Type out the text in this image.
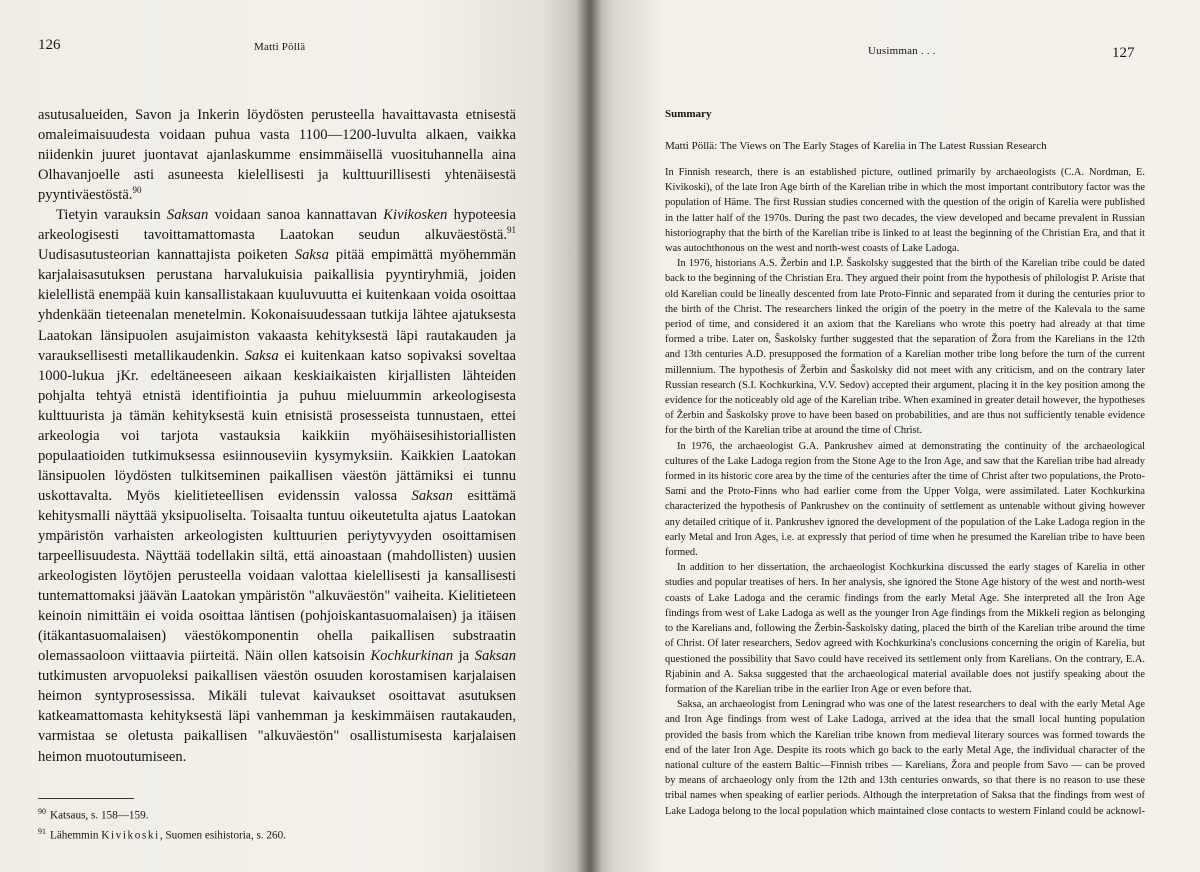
126	Matti Pöllä

asutusalueiden, Savon ja Inkerin löydösten perusteella havaittavasta etnisestä omaleimaisuudesta voidaan puhua vasta 1100—1200-luvulta alkaen, vaikka niidenkin juuret juontavat ajanlaskumme ensimmäisellä vuosituhannella aina Olhavanjoelle asti asuneesta kielellisesti ja kulttuurillisesti yhtenäisestä pyyntiväestöstä.$^{90}$

Tietyin varauksin Saksan voidaan sanoa kannattavan Kivikosken hypoteesia arkeologisesti tavoittamattomasta Laatokan seudun alkuväestöstä.$^{91}$ Uudisasutusteorian kannattajista poiketen Saksa pitää empimättä myöhemmän karjalaisasutuksen perustana harvalukuisia paikallisia pyyntiryhmiä, joiden kielellistä enempää kuin kansallistakaan kuuluvuutta ei kuitenkaan voida osoittaa yhdenkään tieteenalan menetelmin. Kokonaisuudessaan tutkija lähtee ajatuksesta Laatokan länsipuolen asujaimiston vakaasta kehityksestä läpi rautakauden ja varauksellisesti metallikaudenkin. Saksa ei kuitenkaan katso sopivaksi soveltaa 1000-lukua jKr. edeltäneeseen aikaan keskiaikaisten kirjallisten lähteiden pohjalta tehtyä etnistä identifiointia ja puhuu mieluummin arkeologisesta kulttuurista ja tämän kehityksestä kuin etnisistä prosesseista tunnustaen, ettei arkeologia voi tarjota vastauksia kaikkiin myöhäisesihistoriallisten populaatioiden tutkimuksessa esiinnouseviin kysymyksiin. Kaikkien Laatokan länsipuolen löydösten tulkitseminen paikallisen väestön jättämiksi ei tunnu uskottavalta. Myös kielitieteellisen evidenssin valossa Saksan esittämä kehitysmalli näyttää yksipuoliselta. Toisaalta tuntuu oikeutetulta ajatus Laatokan ympäristön varhaisten arkeologisten kulttuurien periytyvyyden osoittamisen tarpeellisuudesta. Näyttää todellakin siltä, että ainoastaan (mahdollisten) uusien arkeologisten löytöjen perusteella voidaan valottaa kielellisesti ja kansallisesti tuntemattomaksi jäävän Laatokan ympäristön "alkuväestön" vaiheita. Kielitieteen keinoin nimittäin ei voida osoittaa läntisen (pohjoiskantasuomalaisen) ja itäisen (itäkantasuomalaisen) väestökomponentin ohella paikallisen substraatin olemassaoloon viittaavia piirteitä. Näin ollen katsoisin Kochkurkinan ja Saksan tutkimusten arvopuoleksi paikallisen väestön osuuden korostamisen karjalaisen heimon syntyprosessissa. Mikäli tulevat kaivaukset osoittavat asutuksen katkeamattomasta kehityksestä läpi vanhemman ja keskimmäisen rautakauden, varmistaa se oletusta paikallisen "alkuväestön" osallistumisesta karjalaisen heimon muotoutumiseen.

$^{90}$ Katsaus, s. 158—159.
$^{91}$ Lähemmin Kivikoski, Suomen esihistoria, s. 260.
Uusimman . . .	127
Summary
Matti Pöllä: The Views on The Early Stages of Karelia in The Latest Russian Research

In Finnish research, there is an established picture, outlined primarily by archaeologists (C.A. Nordman, E. Kivikoski), of the late Iron Age birth of the Karelian tribe in which the most important contributory factor was the population of Häme. The first Russian studies concerned with the question of the origin of Karelia were published in the latter half of the 1970s. During the past two decades, the view developed and became prevalent in Russian historiography that the birth of the Karelian tribe is linked to at least the beginning of the Christian Era, and that it was autochthonous on the west and north-west coasts of Lake Ladoga.

In 1976, historians A.S. Žerbin and I.P. Šaskolsky suggested that the birth of the Karelian tribe could be dated back to the beginning of the Christian Era. They argued their point from the hypothesis of philologist P. Ariste that old Karelian could be lineally descented from late Proto-Finnic and separated from it during the centuries prior to the birth of the Christ. The researchers linked the origin of the poetry in the metre of the Kalevala to the same period of time, and considered it an axiom that the Karelians who wrote this poetry had already at that time formed a tribe. Later on, Šaskolsky further suggested that the separation of Žora from the Karelians in the 12th and 13th centuries A.D. presupposed the formation of a Karelian mother tribe long before the turn of the current millennium. The hypothesis of Žerbin and Šaskolsky did not meet with any criticism, and on the contrary later Russian research (S.I. Kochkurkina, V.V. Sedov) accepted their argument, placing it in the key position among the evidence for the noticeably old age of the Karelian tribe. When examined in greater detail however, the hypotheses of Žerbin and Šaskolsky prove to have been based on probabilities, and are thus not sufficiently tenable evidence for the birth of the Karelian tribe at around the time of Christ.

In 1976, the archaeologist G.A. Pankrushev aimed at demonstrating the continuity of the archaeological cultures of the Lake Ladoga region from the Stone Age to the Iron Age, and saw that the Karelian tribe had already formed in its historic core area by the time of the centuries after the time of Christ after two populations, the Proto-Sami and the Proto-Finns who had earlier come from the Upper Volga, were assimilated. Later Kochkurkina characterized the hypothesis of Pankrushev on the continuity of settlement as untenable without giving however any detailed critique of it. Pankrushev ignored the development of the population of the Lake Ladoga region in the early Metal and Iron Ages, i.e. at expressly that period of time when he presumed the Karelian tribe to have been formed.

In addition to her dissertation, the archaeologist Kochkurkina discussed the early stages of Karelia in other studies and popular treatises of hers. In her analysis, she ignored the Stone Age history of the west and north-west coasts of Lake Ladoga and the ceramic findings from the early Metal Age. She interpreted all the Iron Age findings from west of Lake Ladoga as well as the younger Iron Age findings from the Mikkeli region as belonging to the Karelians and, following the Žerbin-Šaskolsky dating, placed the birth of the Karelian tribe around the time of Christ. Of later researchers, Sedov agreed with Kochkurkina's conclusions concerning the origin of Karelia, but questioned the possibility that Savo could have received its settlement only from Karelians. On the contrary, E.A. Rjabinin and A. Saksa suggested that the archaeological material available does not justify speaking about the formation of the Karelian tribe in the earlier Iron Age or even before that.

Saksa, an archaeologist from Leningrad who was one of the latest researchers to deal with the early Metal Age and Iron Age findings from west of Lake Ladoga, arrived at the idea that the small local hunting population provided the basis from which the Karelian tribe known from medieval literary sources was formed towards the end of the later Iron Age. Despite its roots which go back to the early Metal Age, the individual character of the national culture of the eastern Baltic—Finnish tribes — Karelians, Žora and people from Savo — can be proved by means of archaeology only from the 12th and 13th centuries onwards, so that there is no reason to use these tribal names when speaking of earlier periods. Although the interpretation of Saksa that the findings from west of Lake Ladoga belong to the local population which maintained close contacts to western Finland could be acknowl-
